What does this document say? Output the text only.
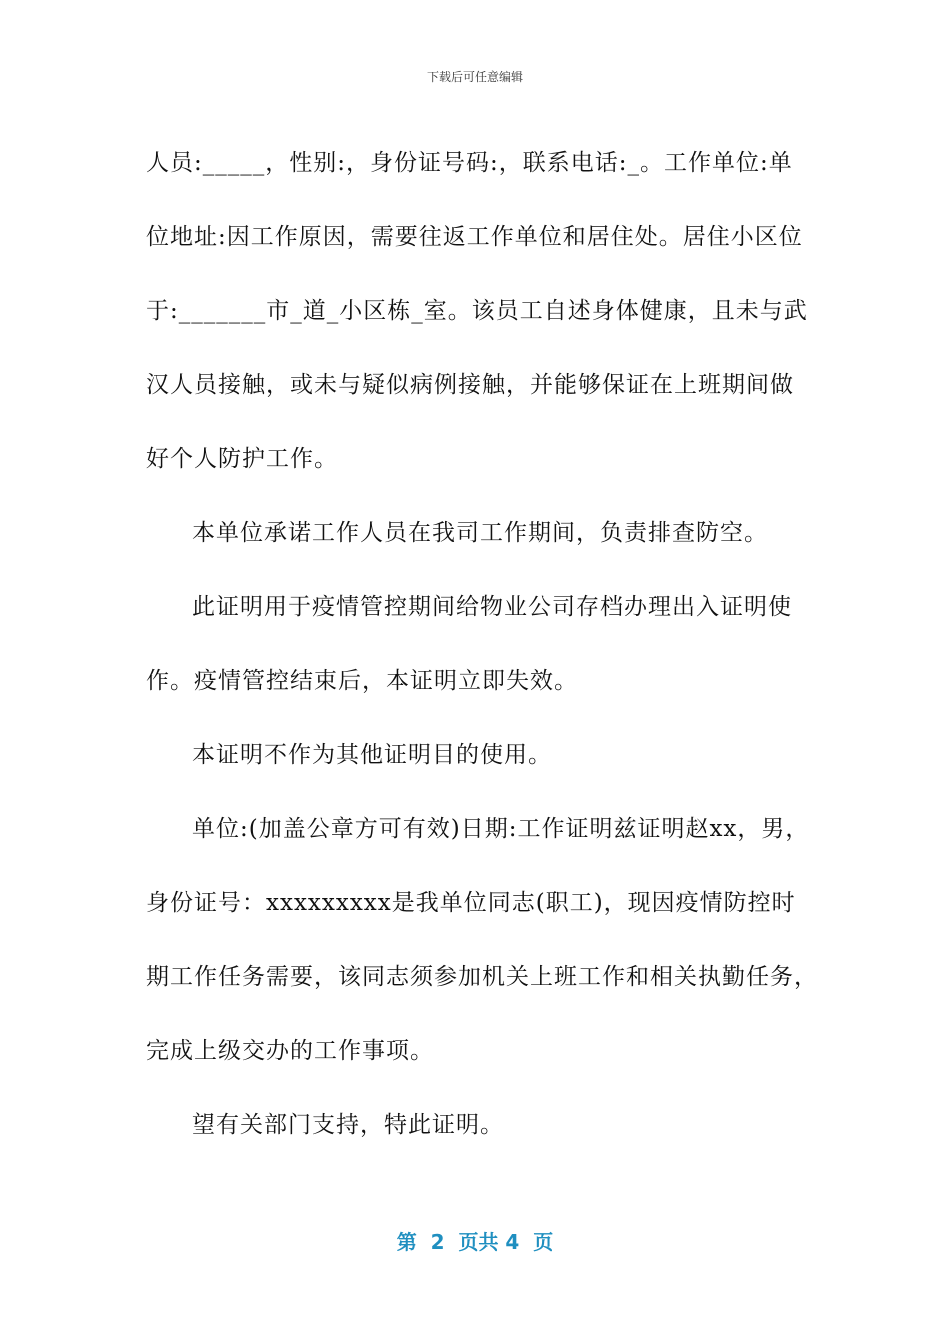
下载后可任意编辑

人员:_____，性别:，身份证号码:，联系电话:_。工作单位:单

位地址:因工作原因，需要往返工作单位和居住处。居住小区位

于:_______市_道_小区栋_室。该员工自述身体健康，且未与武

汉人员接触，或未与疑似病例接触，并能够保证在上班期间做

好个人防护工作。

本单位承诺工作人员在我司工作期间，负责排查防空。

此证明用于疫情管控期间给物业公司存档办理出入证明使

作。疫情管控结束后，本证明立即失效。

本证明不作为其他证明目的使用。

单位:(加盖公章方可有效)日期:工作证明兹证明赵xx，男，

身份证号：xxxxxxxxx是我单位同志(职工)，现因疫情防控时

期工作任务需要，该同志须参加机关上班工作和相关执勤任务，

完成上级交办的工作事项。

望有关部门支持，特此证明。

第  2  页共 4  页
